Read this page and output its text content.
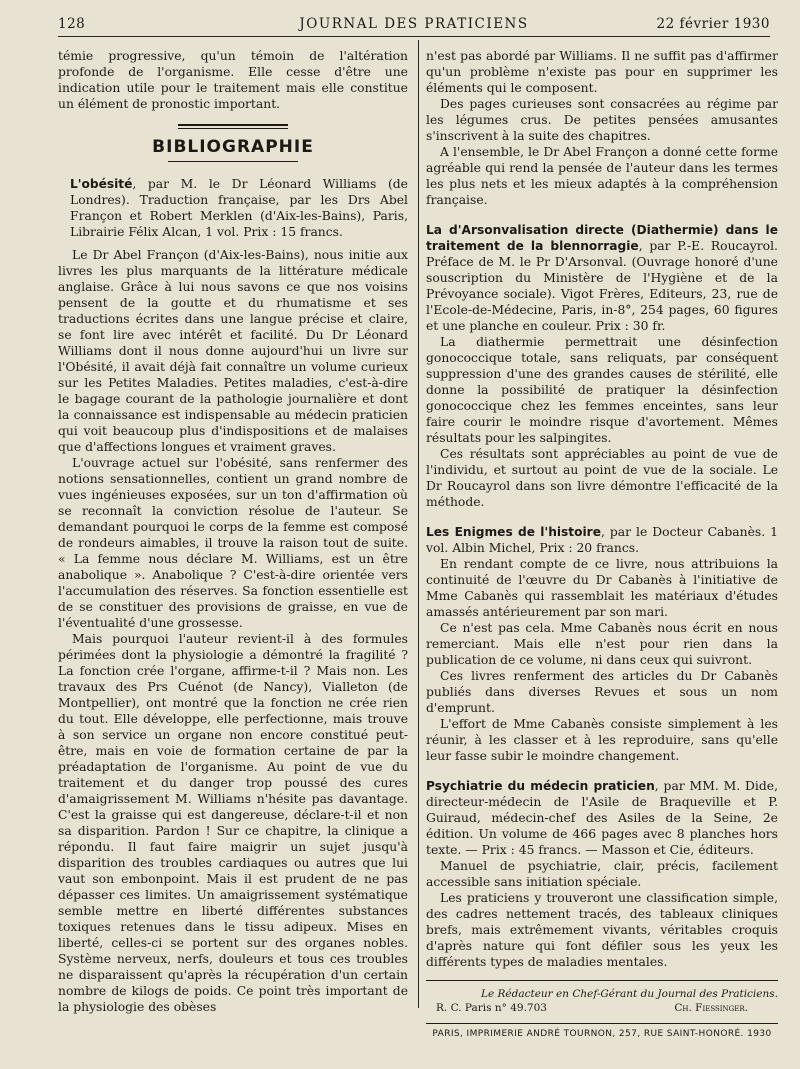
128	JOURNAL DES PRATICIENS	22 février 1930

témie progressive, qu'un témoin de l'altération profonde de l'organisme. Elle cesse d'être une indication utile pour le traitement mais elle constitue un élément de pronostic important.

BIBLIOGRAPHIE

L'obésité, par M. le Dr Léonard Williams (de Londres). Traduction française, par les Drs Abel Françon et Robert Merklen (d'Aix-les-Bains), Paris, Librairie Félix Alcan, 1 vol. Prix : 15 francs.

Le Dr Abel Françon (d'Aix-les-Bains), nous initie aux livres les plus marquants de la littérature médicale anglaise. Grâce à lui nous savons ce que nos voisins pensent de la goutte et du rhumatisme et ses traductions écrites dans une langue précise et claire, se font lire avec intérêt et facilité. Du Dr Léonard Williams dont il nous donne aujourd'hui un livre sur l'Obésité, il avait déjà fait connaître un volume curieux sur les Petites Maladies. Petites maladies, c'est-à-dire le bagage courant de la pathologie journalière et dont la connaissance est indispensable au médecin praticien qui voit beaucoup plus d'indispositions et de malaises que d'affections longues et vraiment graves.

L'ouvrage actuel sur l'obésité, sans renfermer des notions sensationnelles, contient un grand nombre de vues ingénieuses exposées, sur un ton d'affirmation où se reconnaît la conviction résolue de l'auteur. Se demandant pourquoi le corps de la femme est composé de rondeurs aimables, il trouve la raison tout de suite. « La femme nous déclare M. Williams, est un être anabolique ». Anabolique ? C'est-à-dire orientée vers l'accumulation des réserves. Sa fonction essentielle est de se constituer des provisions de graisse, en vue de l'éventualité d'une grossesse.

Mais pourquoi l'auteur revient-il à des formules périmées dont la physiologie a démontré la fragilité ? La fonction crée l'organe, affirme-t-il ? Mais non. Les travaux des Prs Cuénot (de Nancy), Vialleton (de Montpellier), ont montré que la fonction ne crée rien du tout. Elle développe, elle perfectionne, mais trouve à son service un organe non encore constitué peut-être, mais en voie de formation certaine de par la préadaptation de l'organisme. Au point de vue du traitement et du danger trop poussé des cures d'amaigrissement M. Williams n'hésite pas davantage. C'est la graisse qui est dangereuse, déclare-t-il et non sa disparition. Pardon ! Sur ce chapitre, la clinique a répondu. Il faut faire maigrir un sujet jusqu'à disparition des troubles cardiaques ou autres que lui vaut son embonpoint. Mais il est prudent de ne pas dépasser ces limites. Un amaigrissement systématique semble mettre en liberté différentes substances toxiques retenues dans le tissu adipeux. Mises en liberté, celles-ci se portent sur des organes nobles. Système nerveux, nerfs, douleurs et tous ces troubles ne disparaissent qu'après la récupération d'un certain nombre de kilogs de poids. Ce point très important de la physiologie des obèses

n'est pas abordé par Williams. Il ne suffit pas d'affirmer qu'un problème n'existe pas pour en supprimer les éléments qui le composent.

Des pages curieuses sont consacrées au régime par les légumes crus. De petites pensées amusantes s'inscrivent à la suite des chapitres.

A l'ensemble, le Dr Abel Françon a donné cette forme agréable qui rend la pensée de l'auteur dans les termes les plus nets et les mieux adaptés à la compréhension française.

La d'Arsonvalisation directe (Diathermie) dans le traitement de la blennorragie, par P.-E. Roucayrol. Préface de M. le Pr D'Arsonval. (Ouvrage honoré d'une souscription du Ministère de l'Hygiène et de la Prévoyance sociale). Vigot Frères, Editeurs, 23, rue de l'Ecole-de-Médecine, Paris, in-8°, 254 pages, 60 figures et une planche en couleur. Prix : 30 fr.

La diathermie permettrait une désinfection gonococcique totale, sans reliquats, par conséquent suppression d'une des grandes causes de stérilité, elle donne la possibilité de pratiquer la désinfection gonococcique chez les femmes enceintes, sans leur faire courir le moindre risque d'avortement. Mêmes résultats pour les salpingites.

Ces résultats sont appréciables au point de vue de l'individu, et surtout au point de vue de la sociale. Le Dr Roucayrol dans son livre démontre l'efficacité de la méthode.

Les Enigmes de l'histoire, par le Docteur Cabanès. 1 vol. Albin Michel, Prix : 20 francs.

En rendant compte de ce livre, nous attribuions la continuité de l'œuvre du Dr Cabanès à l'initiative de Mme Cabanès qui rassemblait les matériaux d'études amassés antérieurement par son mari.

Ce n'est pas cela. Mme Cabanès nous écrit en nous remerciant. Mais elle n'est pour rien dans la publication de ce volume, ni dans ceux qui suivront.

Ces livres renferment des articles du Dr Cabanès publiés dans diverses Revues et sous un nom d'emprunt.

L'effort de Mme Cabanès consiste simplement à les réunir, à les classer et à les reproduire, sans qu'elle leur fasse subir le moindre changement.

Psychiatrie du médecin praticien, par MM. M. Dide, directeur-médecin de l'Asile de Braqueville et P. Guiraud, médecin-chef des Asiles de la Seine, 2e édition. Un volume de 466 pages avec 8 planches hors texte. — Prix : 45 francs. — Masson et Cie, éditeurs.

Manuel de psychiatrie, clair, précis, facilement accessible sans initiation spéciale.

Les praticiens y trouveront une classification simple, des cadres nettement tracés, des tableaux cliniques brefs, mais extrêmement vivants, véritables croquis d'après nature qui font défiler sous les yeux les différents types de maladies mentales.

Le Rédacteur en Chef-Gérant du Journal des Praticiens.
R. C. Paris n° 49.703	Ch. Fiessinger.
PARIS, IMPRIMERIE ANDRÉ TOURNON, 257, RUE SAINT-HONORÉ. 1930
